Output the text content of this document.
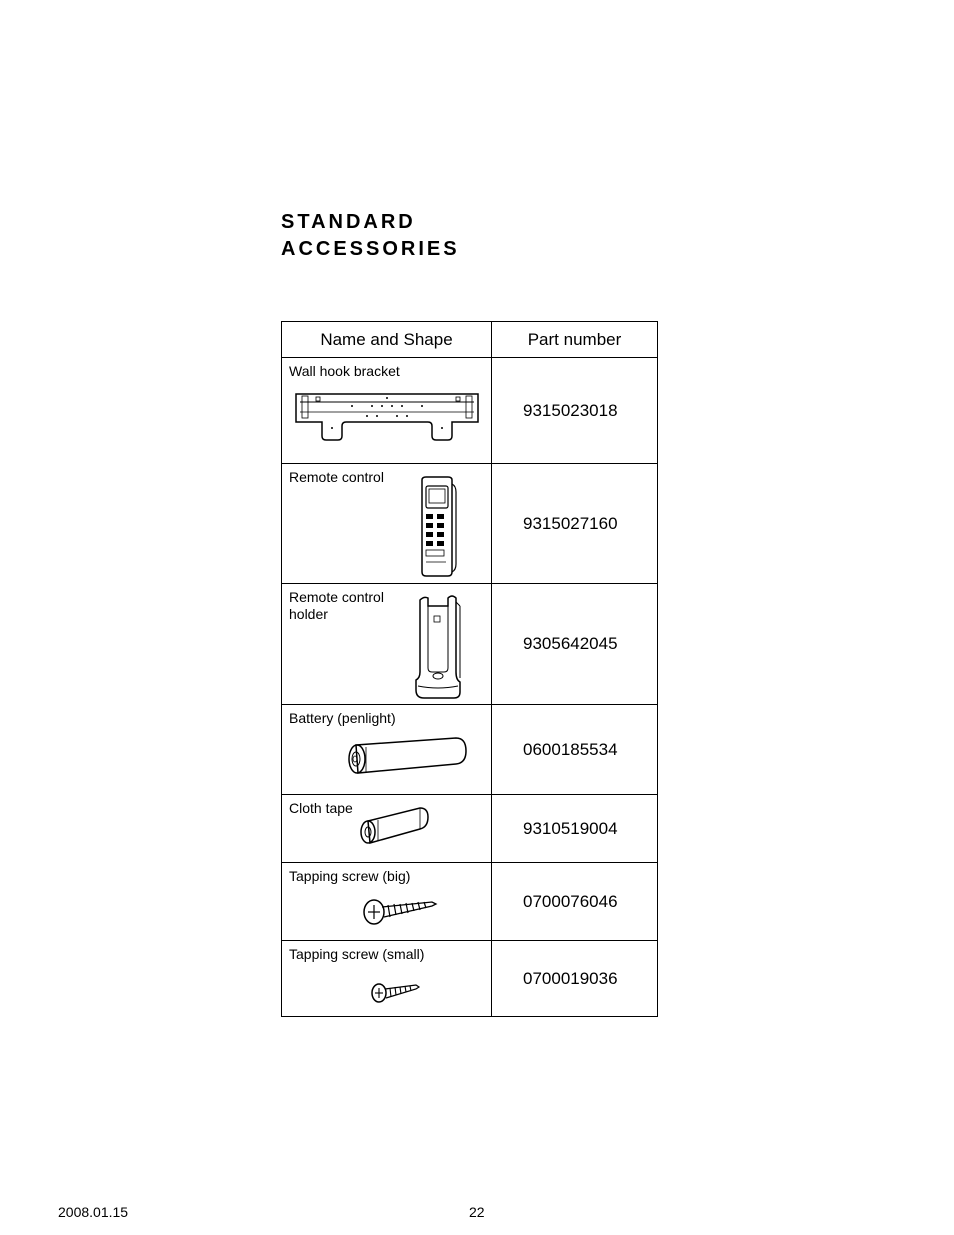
STANDARD
ACCESSORIES
Name and Shape	Part number

Wall hook bracket	9315023018

Remote control	9315027160

Remote control holder	9305642045

Battery (penlight)	0600185534

Cloth tape	9310519004

Tapping screw (big)	0700076046

Tapping screw (small)	0700019036
2008.01.15	22
